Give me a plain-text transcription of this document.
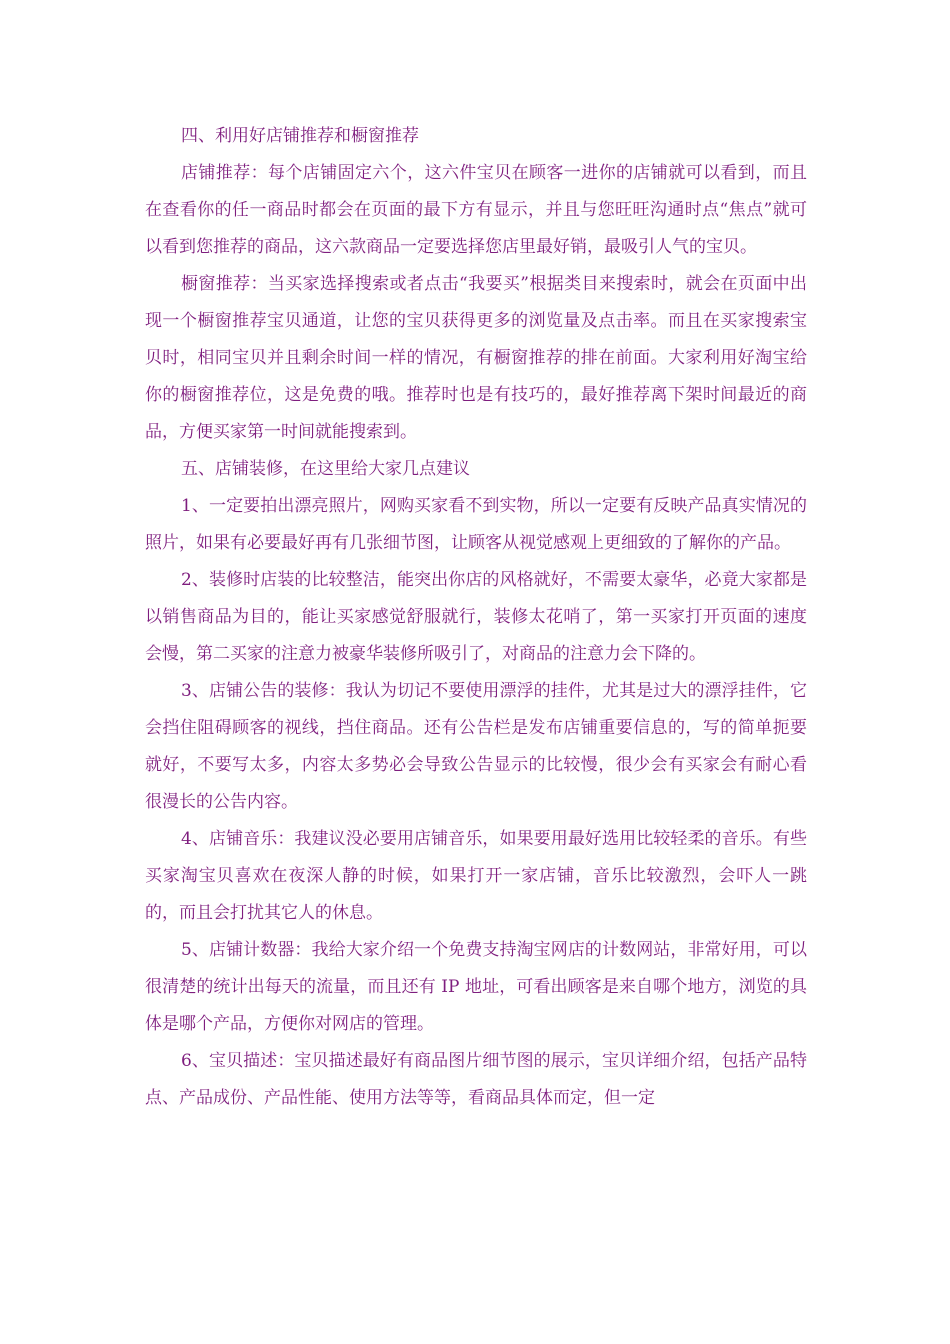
四、利用好店铺推荐和橱窗推荐

店铺推荐：每个店铺固定六个，这六件宝贝在顾客一进你的店铺就可以看到，而且在查看你的任一商品时都会在页面的最下方有显示，并且与您旺旺沟通时点“焦点”就可以看到您推荐的商品，这六款商品一定要选择您店里最好销，最吸引人气的宝贝。

橱窗推荐：当买家选择搜索或者点击“我要买”根据类目来搜索时，就会在页面中出现一个橱窗推荐宝贝通道，让您的宝贝获得更多的浏览量及点击率。而且在买家搜索宝贝时，相同宝贝并且剩余时间一样的情况，有橱窗推荐的排在前面。大家利用好淘宝给你的橱窗推荐位，这是免费的哦。推荐时也是有技巧的，最好推荐离下架时间最近的商品，方便买家第一时间就能搜索到。

五、店铺装修，在这里给大家几点建议

1、一定要拍出漂亮照片，网购买家看不到实物，所以一定要有反映产品真实情况的照片，如果有必要最好再有几张细节图，让顾客从视觉感观上更细致的了解你的产品。

2、装修时店装的比较整洁，能突出你店的风格就好，不需要太豪华，必竟大家都是以销售商品为目的，能让买家感觉舒服就行，装修太花哨了，第一买家打开页面的速度会慢，第二买家的注意力被豪华装修所吸引了，对商品的注意力会下降的。

3、店铺公告的装修：我认为切记不要使用漂浮的挂件，尤其是过大的漂浮挂件，它会挡住阻碍顾客的视线，挡住商品。还有公告栏是发布店铺重要信息的，写的简单扼要就好，不要写太多，内容太多势必会导致公告显示的比较慢，很少会有买家会有耐心看很漫长的公告内容。

4、店铺音乐：我建议没必要用店铺音乐，如果要用最好选用比较轻柔的音乐。有些买家淘宝贝喜欢在夜深人静的时候，如果打开一家店铺，音乐比较激烈，会吓人一跳的，而且会打扰其它人的休息。

5、店铺计数器：我给大家介绍一个免费支持淘宝网店的计数网站，非常好用，可以很清楚的统计出每天的流量，而且还有 IP 地址，可看出顾客是来自哪个地方，浏览的具体是哪个产品，方便你对网店的管理。

6、宝贝描述：宝贝描述最好有商品图片细节图的展示，宝贝详细介绍，包括产品特点、产品成份、产品性能、使用方法等等，看商品具体而定，但一定
